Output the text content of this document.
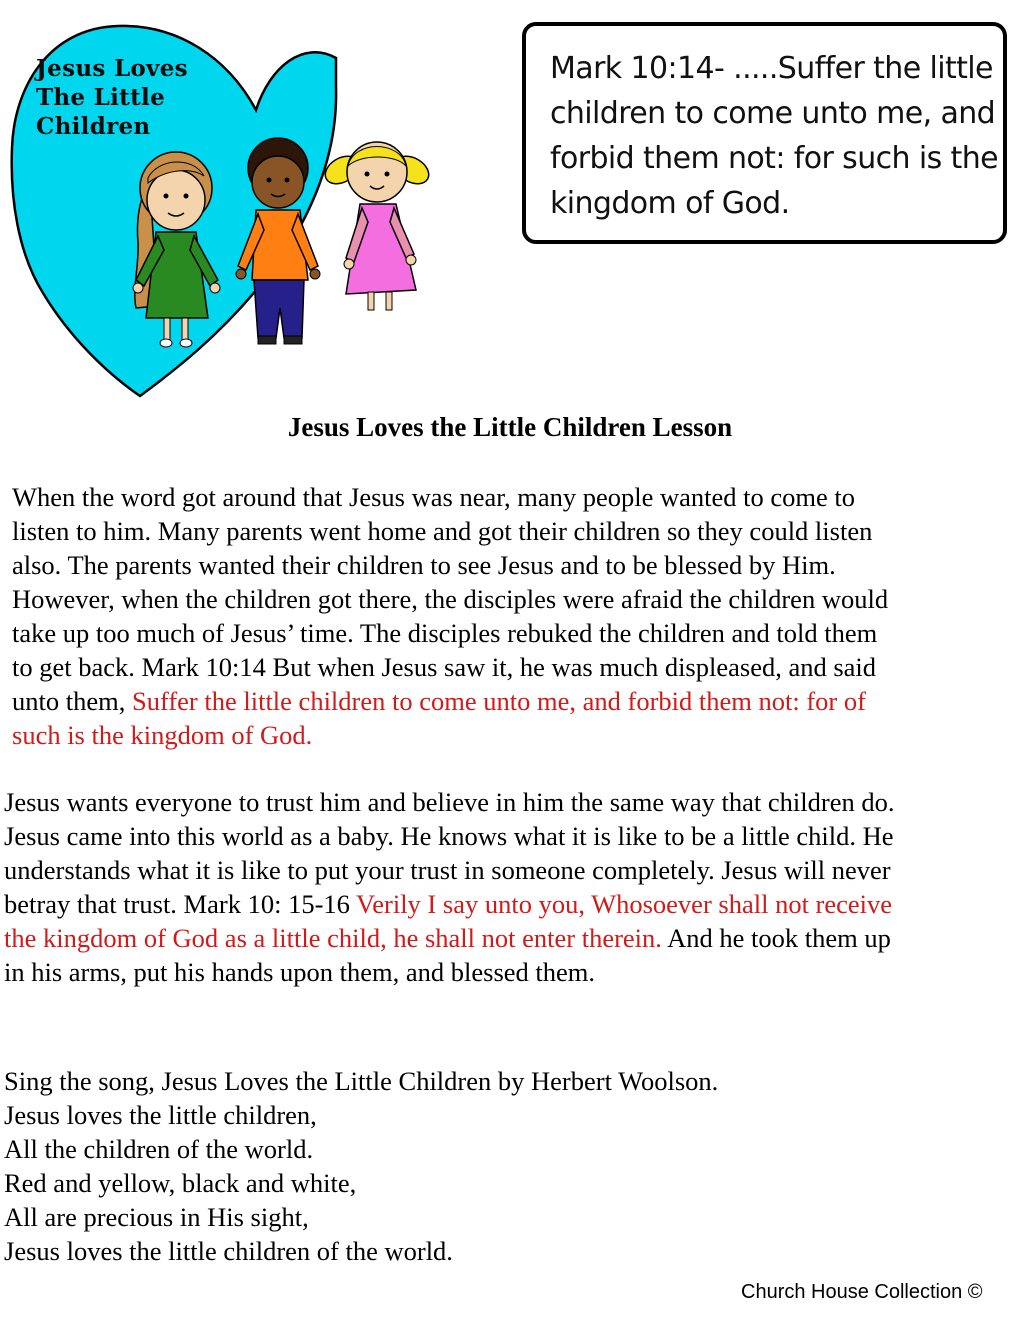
Jesus Loves
The Little
Children
Mark 10:14- .....Suffer the little
children to come unto me, and
forbid them not: for such is the
kingdom of God.
Jesus Loves the Little Children Lesson
When the word got around that Jesus was near, many people wanted to come to
listen to him. Many parents went home and got their children so they could listen
also. The parents wanted their children to see Jesus and to be blessed by Him.
However, when the children got there, the disciples were afraid the children would
take up too much of Jesus’ time. The disciples rebuked the children and told them
to get back. Mark 10:14 But when Jesus saw it, he was much displeased, and said
unto them, Suffer the little children to come unto me, and forbid them not: for of
such is the kingdom of God.
Jesus wants everyone to trust him and believe in him the same way that children do.
Jesus came into this world as a baby. He knows what it is like to be a little child. He
understands what it is like to put your trust in someone completely. Jesus will never
betray that trust. Mark 10: 15-16 Verily I say unto you, Whosoever shall not receive
the kingdom of God as a little child, he shall not enter therein. And he took them up
in his arms, put his hands upon them, and blessed them.
Sing the song, Jesus Loves the Little Children by Herbert Woolson.
Jesus loves the little children,
All the children of the world.
Red and yellow, black and white,
All are precious in His sight,
Jesus loves the little children of the world.
Church House Collection ©
